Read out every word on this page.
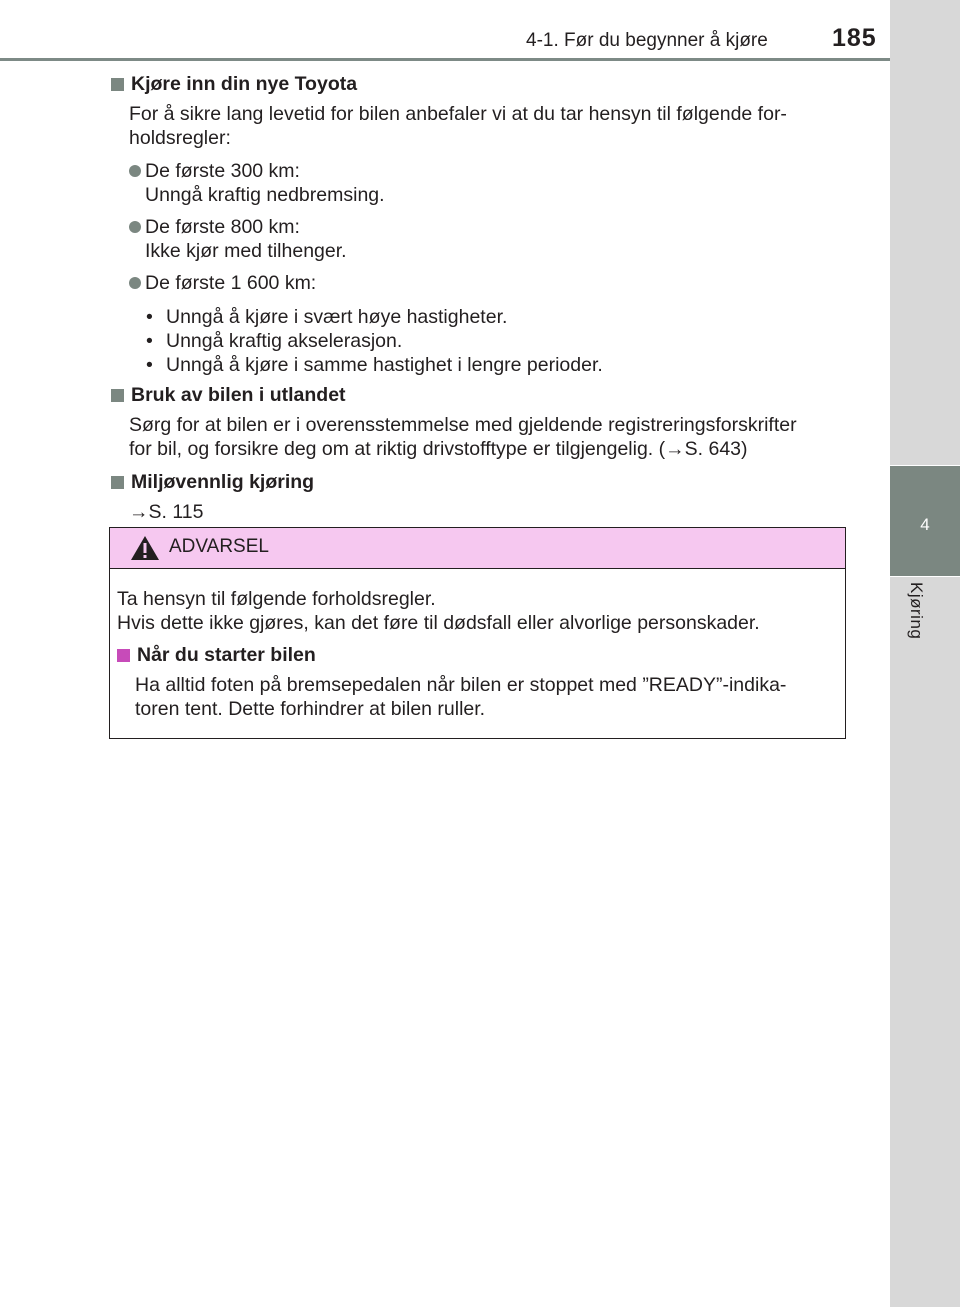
4-1. Før du begynner å kjøre	185
4
Kjøring
Kjøre inn din nye Toyota
For å sikre lang levetid for bilen anbefaler vi at du tar hensyn til følgende for-
holdsregler:
De første 300 km:
Unngå kraftig nedbremsing.
De første 800 km:
Ikke kjør med tilhenger.
De første 1 600 km:
• Unngå å kjøre i svært høye hastigheter.
• Unngå kraftig akselerasjon.
• Unngå å kjøre i samme hastighet i lengre perioder.
Bruk av bilen i utlandet
Sørg for at bilen er i overensstemmelse med gjeldende registreringsforskrifter
for bil, og forsikre deg om at riktig drivstofftype er tilgjengelig. (→S. 643)
Miljøvennlig kjøring
→S. 115
ADVARSEL
Ta hensyn til følgende forholdsregler.
Hvis dette ikke gjøres, kan det føre til dødsfall eller alvorlige personskader.
Når du starter bilen
Ha alltid foten på bremsepedalen når bilen er stoppet med ”READY”-indika-
toren tent. Dette forhindrer at bilen ruller.
